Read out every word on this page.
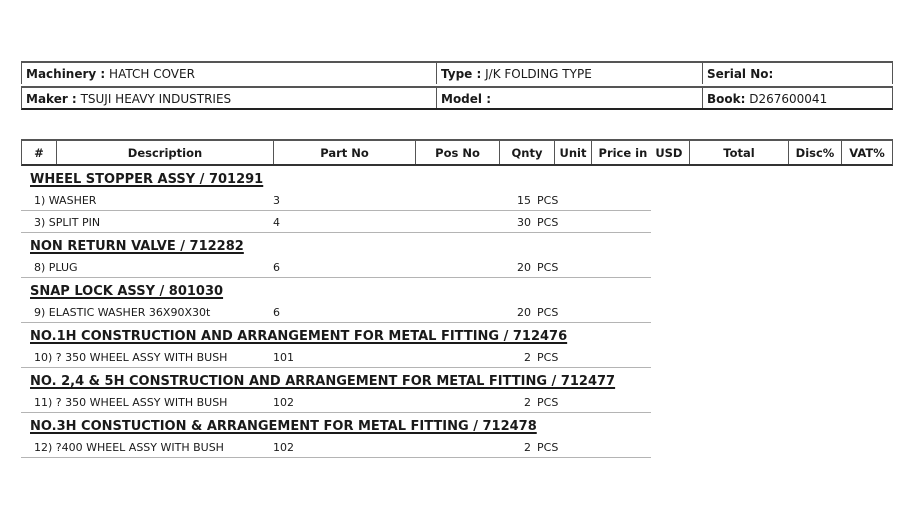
Machinery : HATCH COVER	Type : J/K FOLDING TYPE	Serial No:
Maker : TSUJI HEAVY INDUSTRIES	Model :	Book: D267600041
#	Description	Part No	Pos No	Qnty	Unit	Price in  USD	Total	Disc%	VAT%
WHEEL STOPPER ASSY / 701291
1) WASHER	3	15 PCS
3) SPLIT PIN	4	30 PCS
NON RETURN VALVE / 712282
8) PLUG	6	20 PCS
SNAP LOCK ASSY / 801030
9) ELASTIC WASHER 36X90X30t	6	20 PCS
NO.1H CONSTRUCTION AND ARRANGEMENT FOR METAL FITTING / 712476
10) ? 350 WHEEL ASSY WITH BUSH	101	2 PCS
NO. 2,4 & 5H CONSTRUCTION AND ARRANGEMENT FOR METAL FITTING / 712477
11) ? 350 WHEEL ASSY WITH BUSH	102	2 PCS
NO.3H CONSTUCTION & ARRANGEMENT FOR METAL FITTING / 712478
12) ?400 WHEEL ASSY WITH BUSH	102	2 PCS
